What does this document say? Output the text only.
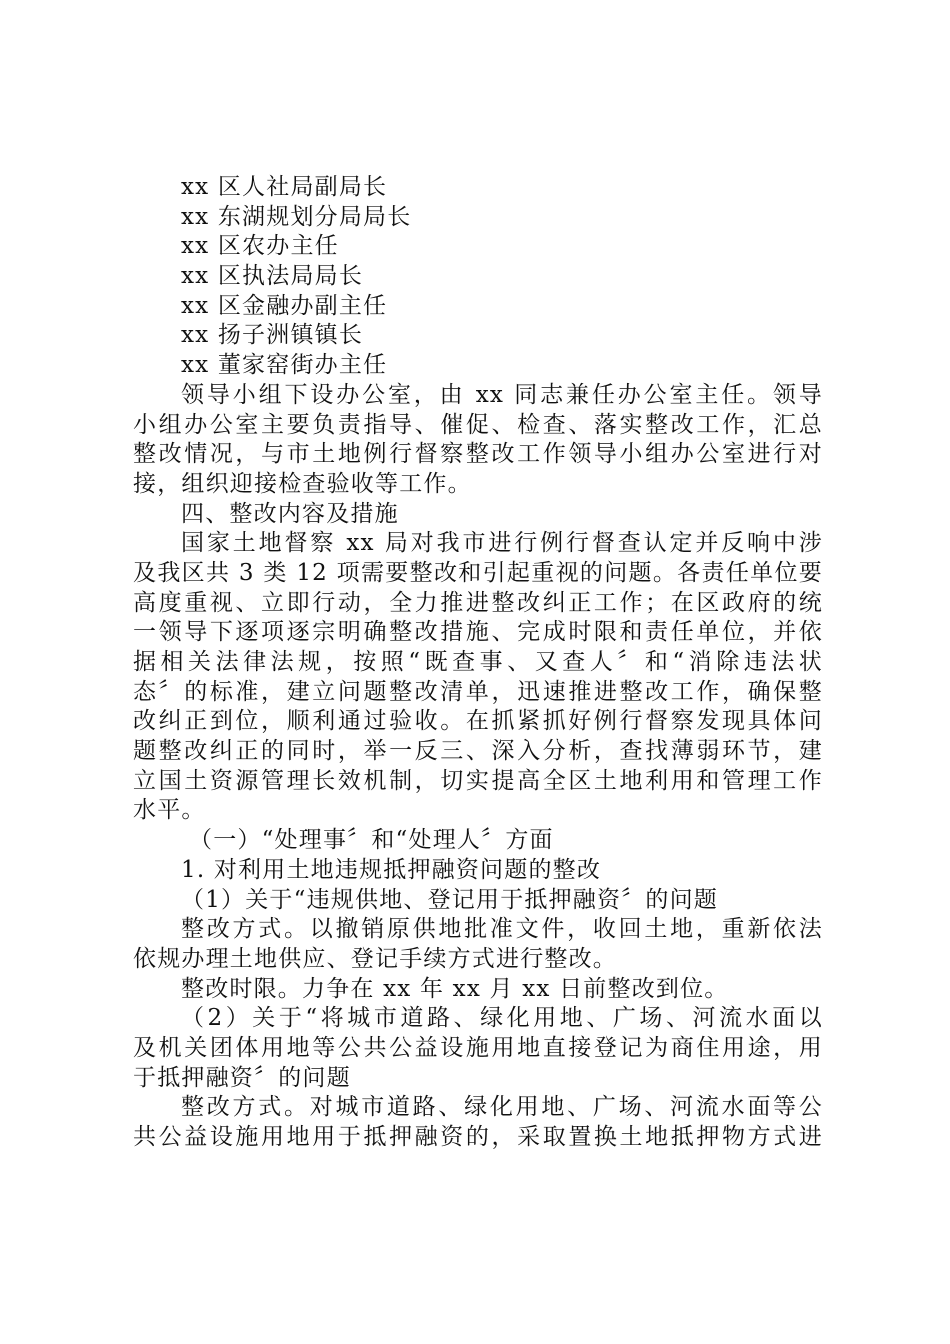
xx 区人社局副局长

xx 东湖规划分局局长

xx 区农办主任

xx 区执法局局长

xx 区金融办副主任

xx 扬子洲镇镇长

xx 董家窑街办主任

领导小组下设办公室，由 xx 同志兼任办公室主任。领导

小组办公室主要负责指导、催促、检查、落实整改工作，汇总

整改情况，与市土地例行督察整改工作领导小组办公室进行对

接，组织迎接检查验收等工作。

四、整改内容及措施

国家土地督察 xx 局对我市进行例行督查认定并反响中涉

及我区共 3 类 12 项需要整改和引起重视的问题。各责任单位要

高度重视、立即行动，全力推进整改纠正工作；在区政府的统

一领导下逐项逐宗明确整改措施、完成时限和责任单位，并依

据相关法律法规，按照“既查事、又查人〞和“消除违法状

态〞的标准，建立问题整改清单，迅速推进整改工作，确保整

改纠正到位，顺利通过验收。在抓紧抓好例行督察发现具体问

题整改纠正的同时，举一反三、深入分析，查找薄弱环节，建

立国土资源管理长效机制，切实提高全区土地利用和管理工作

水平。

（一）“处理事〞和“处理人〞方面

1. 对利用土地违规抵押融资问题的整改

（1）关于“违规供地、登记用于抵押融资〞的问题

整改方式。以撤销原供地批准文件，收回土地，重新依法

依规办理土地供应、登记手续方式进行整改。

整改时限。力争在 xx 年 xx 月 xx 日前整改到位。

（2）关于“将城市道路、绿化用地、广场、河流水面以

及机关团体用地等公共公益设施用地直接登记为商住用途，用

于抵押融资〞的问题

整改方式。对城市道路、绿化用地、广场、河流水面等公

共公益设施用地用于抵押融资的，采取置换土地抵押物方式进
